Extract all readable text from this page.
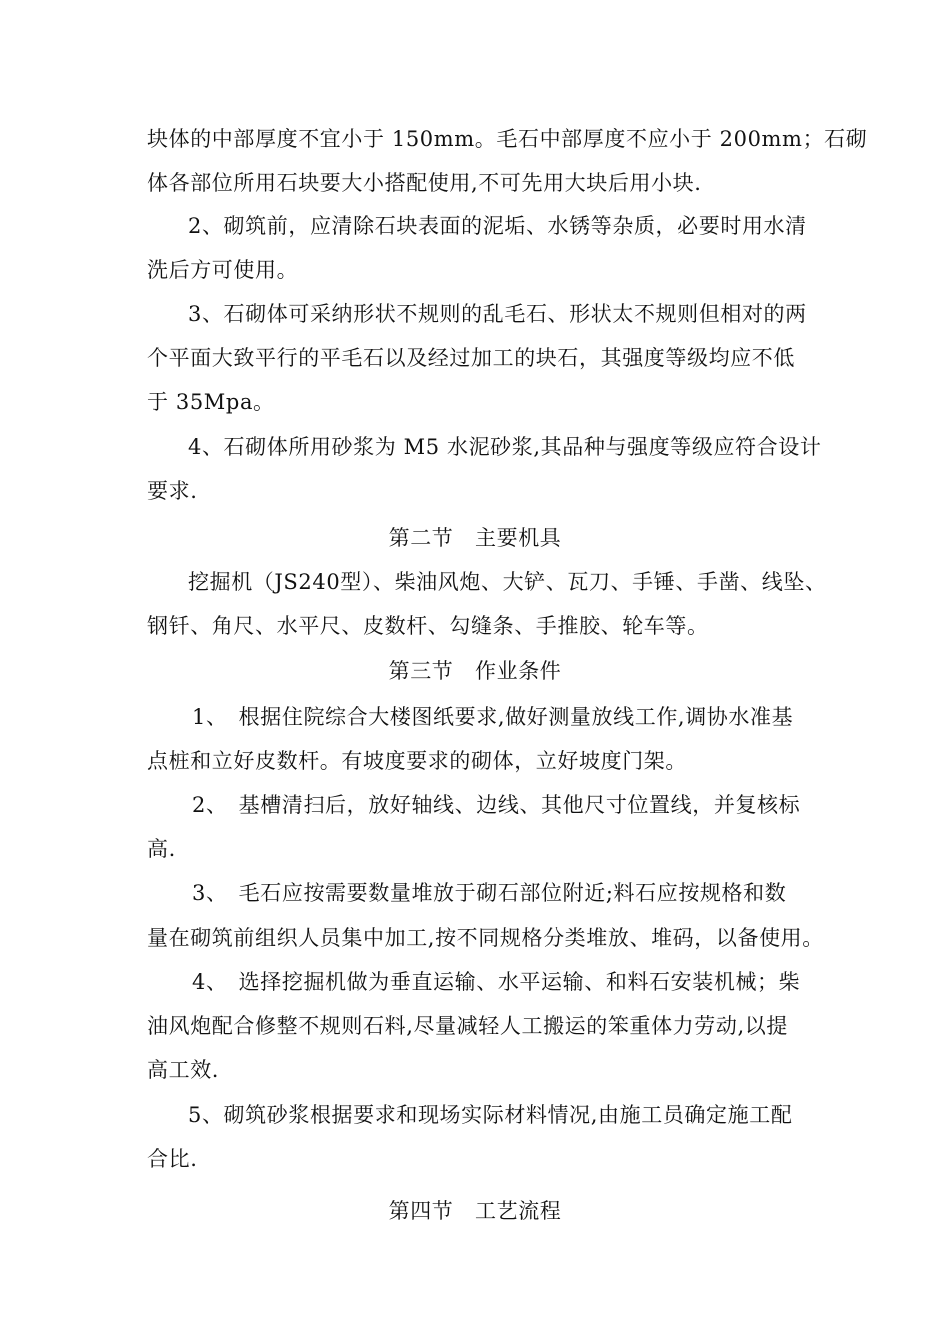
块体的中部厚度不宜小于 150mm。毛石中部厚度不应小于 200mm；石砌
体各部位所用石块要大小搭配使用,不可先用大块后用小块.
2、砌筑前，应清除石块表面的泥垢、水锈等杂质，必要时用水清
洗后方可使用。
3、石砌体可采纳形状不规则的乱毛石、形状太不规则但相对的两
个平面大致平行的平毛石以及经过加工的块石，其强度等级均应不低
于 35Mpa。
4、石砌体所用砂浆为 M5 水泥砂浆,其品种与强度等级应符合设计
要求.
第二节　主要机具
挖掘机（JS240型）、柴油风炮、大铲、瓦刀、手锤、手凿、线坠、
钢钎、角尺、水平尺、皮数杆、勾缝条、手推胶、轮车等。
第三节　作业条件
1、　根据住院综合大楼图纸要求,做好测量放线工作,调协水准基
点桩和立好皮数杆。有坡度要求的砌体，立好坡度门架。
2、　基槽清扫后，放好轴线、边线、其他尺寸位置线，并复核标
高.
3、　毛石应按需要数量堆放于砌石部位附近;料石应按规格和数
量在砌筑前组织人员集中加工,按不同规格分类堆放、堆码，以备使用。
4、　选择挖掘机做为垂直运输、水平运输、和料石安装机械；柴
油风炮配合修整不规则石料,尽量减轻人工搬运的笨重体力劳动,以提
高工效.
5、砌筑砂浆根据要求和现场实际材料情况,由施工员确定施工配
合比.
第四节　工艺流程
